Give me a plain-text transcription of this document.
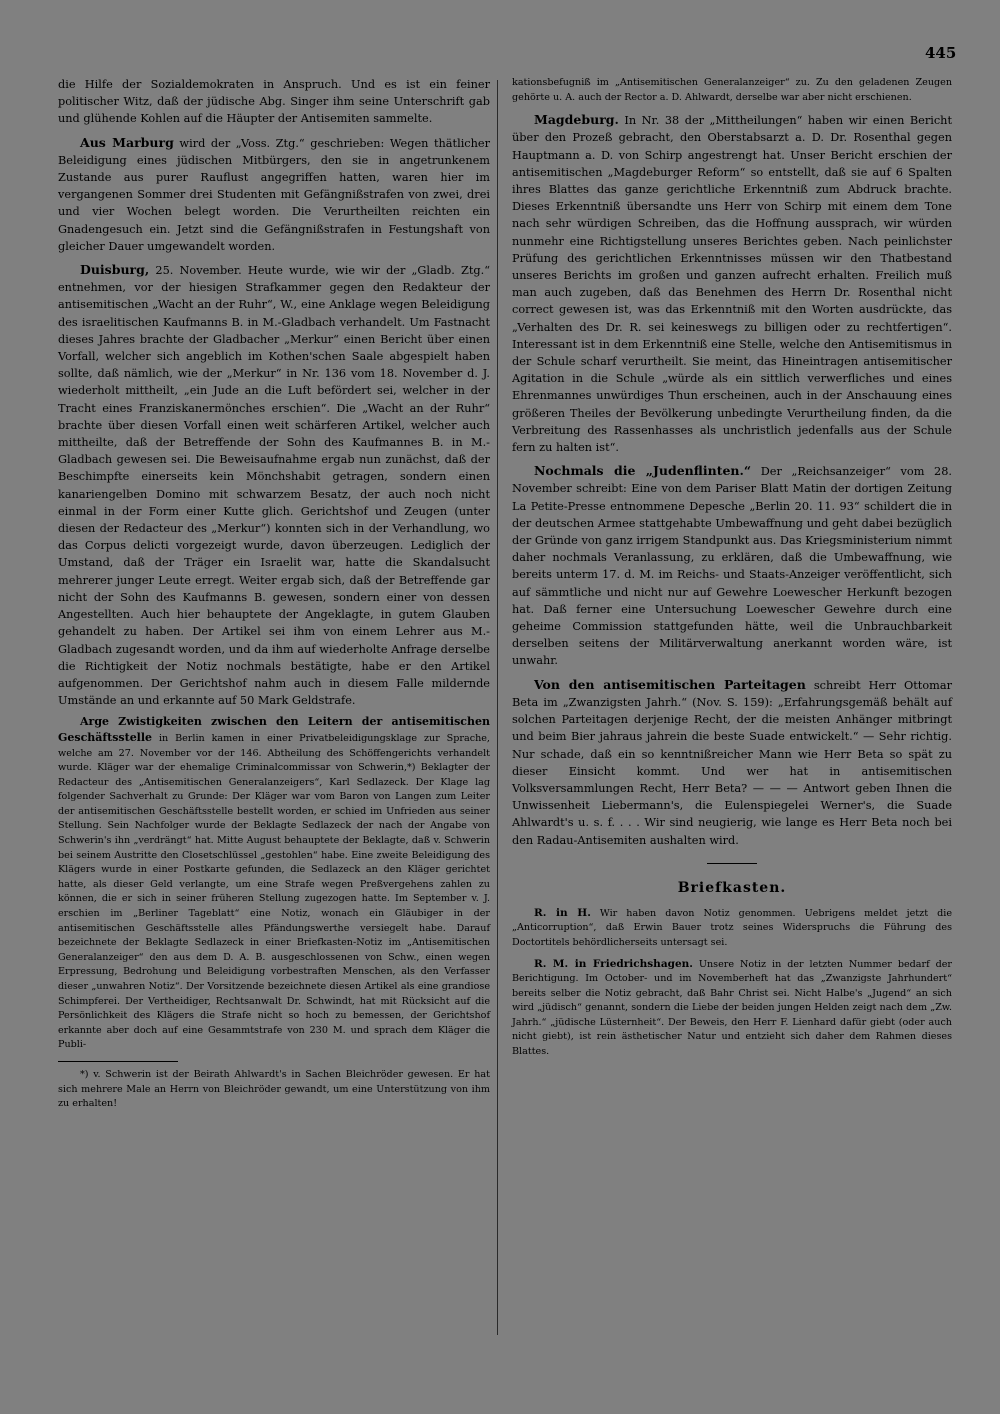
445

die Hilfe der Sozialdemokraten in Anspruch. Und es ist ein feiner politischer Witz, daß der jüdische Abg. Singer ihm seine Unterschrift gab und glühende Kohlen auf die Häupter der Antisemiten sammelte.

Aus Marburg wird der „Voss. Ztg.“ geschrieben: Wegen thätlicher Beleidigung eines jüdischen Mitbürgers, den sie in angetrunkenem Zustande aus purer Rauflust angegriffen hatten, waren hier im vergangenen Sommer drei Studenten mit Gefängnißstrafen von zwei, drei und vier Wochen belegt worden. Die Verurtheilten reichten ein Gnadengesuch ein. Jetzt sind die Gefängnißstrafen in Festungshaft von gleicher Dauer umgewandelt worden.

Duisburg, 25. November. Heute wurde, wie wir der „Gladb. Ztg.“ entnehmen, vor der hiesigen Strafkammer gegen den Redakteur der antisemitischen „Wacht an der Ruhr“, W., eine Anklage wegen Beleidigung des israelitischen Kaufmanns B. in M.-Gladbach verhandelt. Um Fastnacht dieses Jahres brachte der Gladbacher „Merkur“ einen Bericht über einen Vorfall, welcher sich angeblich im Kothen'schen Saale abgespielt haben sollte, daß nämlich, wie der „Merkur“ in Nr. 136 vom 18. November d. J. wiederholt mittheilt, „ein Jude an die Luft befördert sei, welcher in der Tracht eines Franziskanermönches erschien“. Die „Wacht an der Ruhr“ brachte über diesen Vorfall einen weit schärferen Artikel, welcher auch mittheilte, daß der Betreffende der Sohn des Kaufmannes B. in M.-Gladbach gewesen sei. Die Beweisaufnahme ergab nun zunächst, daß der Beschimpfte einerseits kein Mönchshabit getragen, sondern einen kanariengelben Domino mit schwarzem Besatz, der auch noch nicht einmal in der Form einer Kutte glich. Gerichtshof und Zeugen (unter diesen der Redacteur des „Merkur“) konnten sich in der Verhandlung, wo das Corpus delicti vorgezeigt wurde, davon überzeugen. Lediglich der Umstand, daß der Träger ein Israelit war, hatte die Skandalsucht mehrerer junger Leute erregt. Weiter ergab sich, daß der Betreffende gar nicht der Sohn des Kaufmanns B. gewesen, sondern einer von dessen Angestellten. Auch hier behauptete der Angeklagte, in gutem Glauben gehandelt zu haben. Der Artikel sei ihm von einem Lehrer aus M.-Gladbach zugesandt worden, und da ihm auf wiederholte Anfrage derselbe die Richtigkeit der Notiz nochmals bestätigte, habe er den Artikel aufgenommen. Der Gerichtshof nahm auch in diesem Falle mildernde Umstände an und erkannte auf 50 Mark Geldstrafe.

Arge Zwistigkeiten zwischen den Leitern der antisemitischen Geschäftsstelle in Berlin kamen in einer Privatbeleidigungsklage zur Sprache, welche am 27. November vor der 146. Abtheilung des Schöffengerichts verhandelt wurde. Kläger war der ehemalige Criminalcommissar von Schwerin,*) Beklagter der Redacteur des „Antisemitischen Generalanzeigers“, Karl Sedlazeck. Der Klage lag folgender Sachverhalt zu Grunde: Der Kläger war vom Baron von Langen zum Leiter der antisemitischen Geschäftsstelle bestellt worden, er schied im Unfrieden aus seiner Stellung. Sein Nachfolger wurde der Beklagte Sedlazeck der nach der Angabe von Schwerin's ihn „verdrängt“ hat. Mitte August behauptete der Beklagte, daß v. Schwerin bei seinem Austritte den Closetschlüssel „gestohlen“ habe. Eine zweite Beleidigung des Klägers wurde in einer Postkarte gefunden, die Sedlazeck an den Kläger gerichtet hatte, als dieser Geld verlangte, um eine Strafe wegen Preßvergehens zahlen zu können, die er sich in seiner früheren Stellung zugezogen hatte. Im September v. J. erschien im „Berliner Tageblatt“ eine Notiz, wonach ein Gläubiger in der antisemitischen Geschäftsstelle alles Pfändungswerthe versiegelt habe. Darauf bezeichnete der Beklagte Sedlazeck in einer Briefkasten-Notiz im „Antisemitischen Generalanzeiger“ den aus dem D. A. B. ausgeschlossenen von Schw., einen wegen Erpressung, Bedrohung und Beleidigung vorbestraften Menschen, als den Verfasser dieser „unwahren Notiz“. Der Vorsitzende bezeichnete diesen Artikel als eine grandiose Schimpferei. Der Vertheidiger, Rechtsanwalt Dr. Schwindt, hat mit Rücksicht auf die Persönlichkeit des Klägers die Strafe nicht so hoch zu bemessen, der Gerichtshof erkannte aber doch auf eine Gesammtstrafe von 230 M. und sprach dem Kläger die Publi-

*) v. Schwerin ist der Beirath Ahlwardt's in Sachen Bleichröder gewesen. Er hat sich mehrere Male an Herrn von Bleichröder gewandt, um eine Unterstützung von ihm zu erhalten!

kationsbefugniß im „Antisemitischen Generalanzeiger“ zu. Zu den geladenen Zeugen gehörte u. A. auch der Rector a. D. Ahlwardt, derselbe war aber nicht erschienen.

Magdeburg. In Nr. 38 der „Mittheilungen“ haben wir einen Bericht über den Prozeß gebracht, den Oberstabsarzt a. D. Dr. Rosenthal gegen Hauptmann a. D. von Schirp angestrengt hat. Unser Bericht erschien der antisemitischen „Magdeburger Reform“ so entstellt, daß sie auf 6 Spalten ihres Blattes das ganze gerichtliche Erkenntniß zum Abdruck brachte. Dieses Erkenntniß übersandte uns Herr von Schirp mit einem dem Tone nach sehr würdigen Schreiben, das die Hoffnung aussprach, wir würden nunmehr eine Richtigstellung unseres Berichtes geben. Nach peinlichster Prüfung des gerichtlichen Erkenntnisses müssen wir den Thatbestand unseres Berichts im großen und ganzen aufrecht erhalten. Freilich muß man auch zugeben, daß das Benehmen des Herrn Dr. Rosenthal nicht correct gewesen ist, was das Erkenntniß mit den Worten ausdrückte, das „Verhalten des Dr. R. sei keineswegs zu billigen oder zu rechtfertigen“. Interessant ist in dem Erkenntniß eine Stelle, welche den Antisemitismus in der Schule scharf verurtheilt. Sie meint, das Hineintragen antisemitischer Agitation in die Schule „würde als ein sittlich verwerfliches und eines Ehrenmannes unwürdiges Thun erscheinen, auch in der Anschauung eines größeren Theiles der Bevölkerung unbedingte Verurtheilung finden, da die Verbreitung des Rassenhasses als unchristlich jedenfalls aus der Schule fern zu halten ist“.

Nochmals die „Judenflinten.“ Der „Reichsanzeiger“ vom 28. November schreibt: Eine von dem Pariser Blatt Matin der dortigen Zeitung La Petite-Presse entnommene Depesche „Berlin 20. 11. 93“ schildert die in der deutschen Armee stattgehabte Umbewaffnung und geht dabei bezüglich der Gründe von ganz irrigem Standpunkt aus. Das Kriegsministerium nimmt daher nochmals Veranlassung, zu erklären, daß die Umbewaffnung, wie bereits unterm 17. d. M. im Reichs- und Staats-Anzeiger veröffentlicht, sich auf sämmtliche und nicht nur auf Gewehre Loewescher Herkunft bezogen hat. Daß ferner eine Untersuchung Loewescher Gewehre durch eine geheime Commission stattgefunden hätte, weil die Unbrauchbarkeit derselben seitens der Militärverwaltung anerkannt worden wäre, ist unwahr.

Von den antisemitischen Parteitagen schreibt Herr Ottomar Beta im „Zwanzigsten Jahrh.“ (Nov. S. 159): „Erfahrungsgemäß behält auf solchen Parteitagen derjenige Recht, der die meisten Anhänger mitbringt und beim Bier jahraus jahrein die beste Suade entwickelt.“ — Sehr richtig. Nur schade, daß ein so kenntnißreicher Mann wie Herr Beta so spät zu dieser Einsicht kommt. Und wer hat in antisemitischen Volksversammlungen Recht, Herr Beta? — — — Antwort geben Ihnen die Unwissenheit Liebermann's, die Eulenspiegelei Werner's, die Suade Ahlwardt's u. s. f. . . . Wir sind neugierig, wie lange es Herr Beta noch bei den Radau-Antisemiten aushalten wird.

Briefkasten.

R. in H. Wir haben davon Notiz genommen. Uebrigens meldet jetzt die „Anticorruption“, daß Erwin Bauer trotz seines Widerspruchs die Führung des Doctortitels behördlicherseits untersagt sei.

R. M. in Friedrichshagen. Unsere Notiz in der letzten Nummer bedarf der Berichtigung. Im October- und im Novemberheft hat das „Zwanzigste Jahrhundert“ bereits selber die Notiz gebracht, daß Bahr Christ sei. Nicht Halbe's „Jugend“ an sich wird „jüdisch“ genannt, sondern die Liebe der beiden jungen Helden zeigt nach dem „Zw. Jahrh.“ „jüdische Lüsternheit“. Der Beweis, den Herr F. Lienhard dafür giebt (oder auch nicht giebt), ist rein ästhetischer Natur und entzieht sich daher dem Rahmen dieses Blattes.
